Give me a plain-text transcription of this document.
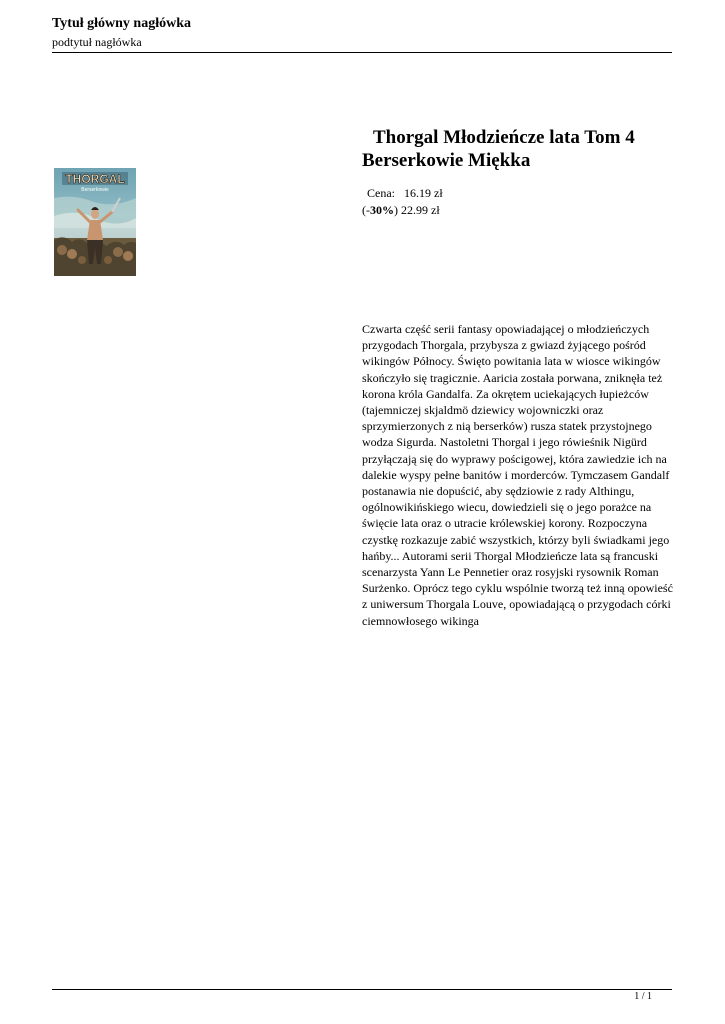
Tytuł główny nagłówka
podtytuł nagłówka
Thorgal Młodzieńcze lata Tom 4 Berserkowie Miękka
THORGAL
Berserkowie	Cena: 16.19 zł
(-30%) 22.99 zł
Czwarta część serii fantasy opowiadającej o młodzieńczych przygodach Thorgala, przybysza z gwiazd żyjącego pośród wikingów Północy. Święto powitania lata w wiosce wikingów skończyło się tragicznie. Aaricia została porwana, zniknęła też korona króla Gandalfa. Za okrętem uciekających łupieżców (tajemniczej skjaldmö dziewicy wojowniczki oraz sprzymierzonych z nią berserków) rusza statek przystojnego wodza Sigurda. Nastoletni Thorgal i jego rówieśnik Nigürd przyłączają się do wyprawy pościgowej, która zawiedzie ich na dalekie wyspy pełne banitów i morderców. Tymczasem Gandalf postanawia nie dopuścić, aby sędziowie z rady Althingu, ogólnowikińskiego wiecu, dowiedzieli się o jego porażce na święcie lata oraz o utracie królewskiej korony. Rozpoczyna czystkę rozkazuje zabić wszystkich, którzy byli świadkami jego hańby... Autorami serii Thorgal Młodzieńcze lata są francuski scenarzysta Yann Le Pennetier oraz rosyjski rysownik Roman Surżenko. Oprócz tego cyklu wspólnie tworzą też inną opowieść z uniwersum Thorgala Louve, opowiadającą o przygodach córki ciemnowłosego wikinga
1 / 1
